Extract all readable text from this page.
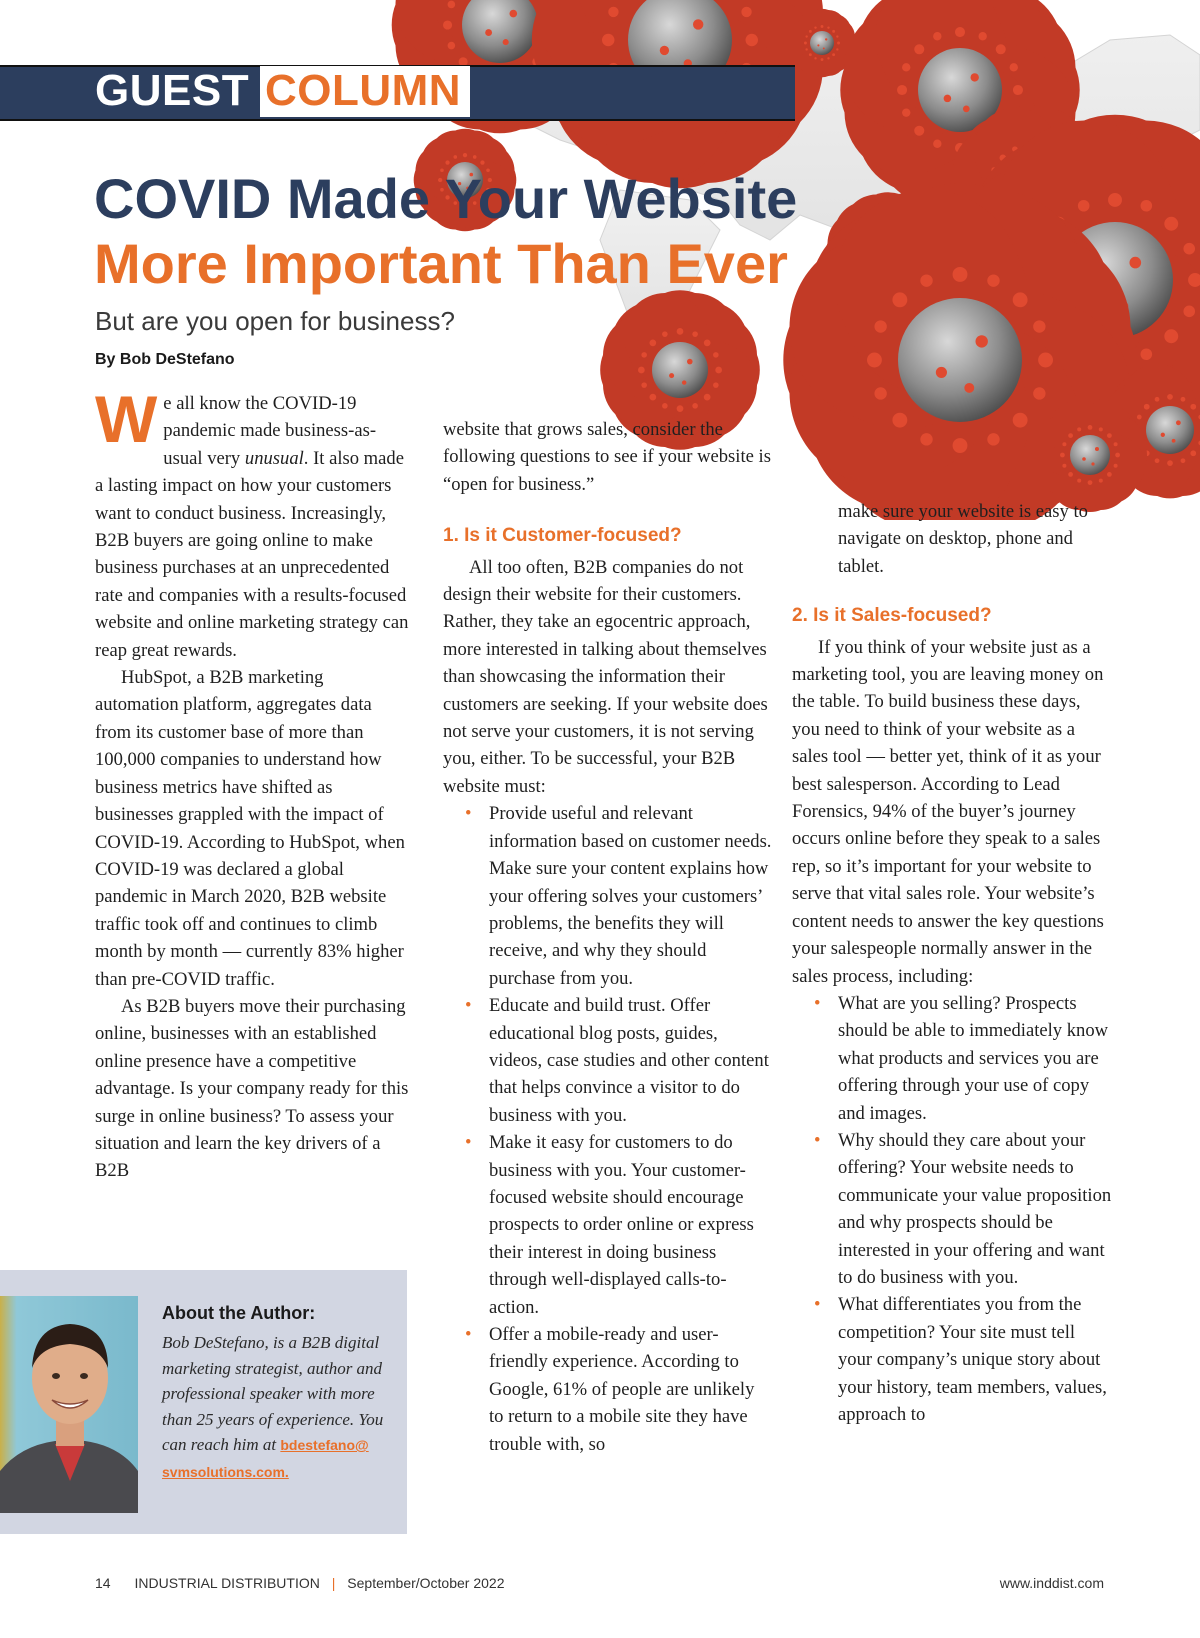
GUEST COLUMN
COVID Made Your Website
More Important Than Ever
But are you open for business?
By Bob DeStefano

We all know the COVID-19 pandemic made business-as-usual very unusual. It also made a lasting impact on how your customers want to conduct business. Increasingly, B2B buyers are going online to make business purchases at an unprecedented rate and companies with a results-focused website and online marketing strategy can reap great rewards.

HubSpot, a B2B marketing automation platform, aggregates data from its customer base of more than 100,000 companies to understand how business metrics have shifted as businesses grappled with the impact of COVID-19. According to HubSpot, when COVID-19 was declared a global pandemic in March 2020, B2B website traffic took off and continues to climb month by month — currently 83% higher than pre-COVID traffic.

As B2B buyers move their purchasing online, businesses with an established online presence have a competitive advantage. Is your company ready for this surge in online business? To assess your situation and learn the key drivers of a B2B

website that grows sales, consider the following questions to see if your website is “open for business.”

1. Is it Customer-focused?

All too often, B2B companies do not design their website for their customers. Rather, they take an egocentric approach, more interested in talking about themselves than showcasing the information their customers are seeking. If your website does not serve your customers, it is not serving you, either. To be successful, your B2B website must:

• Provide useful and relevant information based on customer needs. Make sure your content explains how your offering solves your customers’ problems, the benefits they will receive, and why they should purchase from you.
• Educate and build trust. Offer educational blog posts, guides, videos, case studies and other content that helps convince a visitor to do business with you.
• Make it easy for customers to do business with you. Your customer-focused website should encourage prospects to order online or express their interest in doing business through well-displayed calls-to-action.
• Offer a mobile-ready and user-friendly experience. According to Google, 61% of people are unlikely to return to a mobile site they have trouble with, so

make sure your website is easy to navigate on desktop, phone and tablet.

2. Is it Sales-focused?

If you think of your website just as a marketing tool, you are leaving money on the table. To build business these days, you need to think of your website as a sales tool — better yet, think of it as your best salesperson. According to Lead Forensics, 94% of the buyer’s journey occurs online before they speak to a sales rep, so it’s important for your website to serve that vital sales role. Your website’s content needs to answer the key questions your salespeople normally answer in the sales process, including:

• What are you selling? Prospects should be able to immediately know what products and services you are offering through your use of copy and images.
• Why should they care about your offering? Your website needs to communicate your value proposition and why prospects should be interested in your offering and want to do business with you.
• What differentiates you from the competition? Your site must tell your company’s unique story about your history, team members, values, approach to
About the Author:
Bob DeStefano, is a B2B digital marketing strategist, author and professional speaker with more than 25 years of experience. You can reach him at bdestefano@ svmsolutions.com.
14 INDUSTRIAL DISTRIBUTION | September/October 2022	www.inddist.com
